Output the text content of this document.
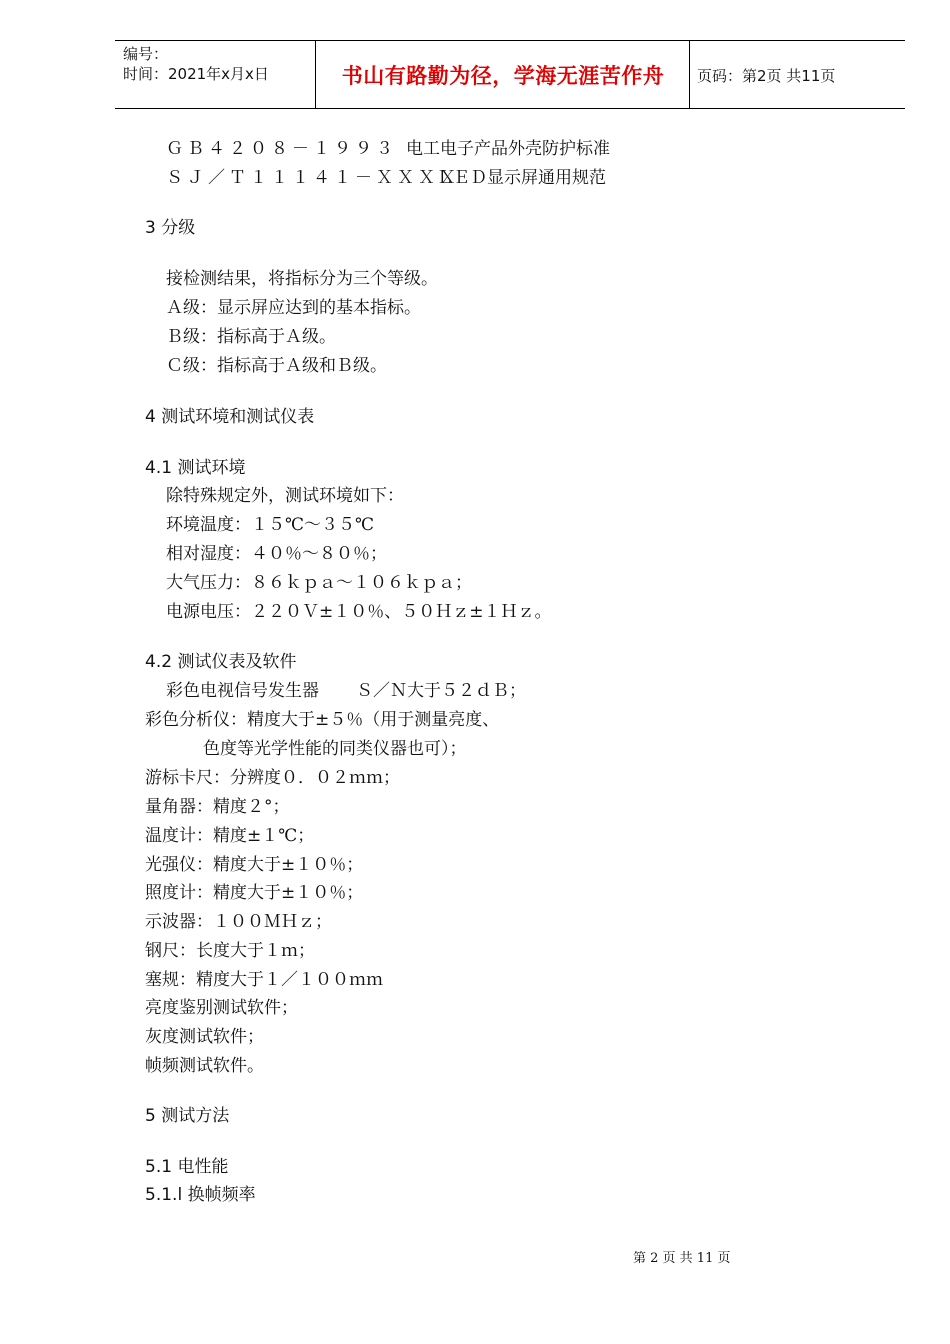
编号：
时间：2021年x月x日	书山有路勤为径，学海无涯苦作舟	页码：第2页 共11页
ＧＢ４２０８－１９９３ 电工电子产品外壳防护标准
ＳＪ／Ｔ１１１４１－ＸＸＸＸ
ＬＥＤ显示屏通用规范
3 分级
接检测结果，将指标分为三个等级。
Ａ级：显示屏应达到的基本指标。
Ｂ级：指标高于Ａ级。
Ｃ级：指标高于Ａ级和Ｂ级。
4 测试环境和测试仪表
4.1 测试环境
除特殊规定外，测试环境如下：
环境温度：１５℃～３５℃
相对湿度：４０％～８０％；
大气压力：８６ｋｐａ～１０６ｋｐａ；
电源电压：２２０Ｖ±１０％、５０Ｈｚ±１Ｈｚ。
4.2 测试仪表及软件
彩色电视信号发生器 Ｓ／Ｎ大于５２ｄＢ；
彩色分析仪：精度大于±５％（用于测量亮度、
色度等光学性能的同类仪器也可）；
游标卡尺：分辨度０．０２ｍｍ；
量角器：精度２°；
温度计：精度±１℃；
光强仪：精度大于±１０％；
照度计：精度大于±１０％；
示波器：１００ＭＨｚ；
钢尺：长度大于１ｍ；
塞规：精度大于１／１００ｍｍ
亮度鉴别测试软件；
灰度测试软件；
帧频测试软件。
5 测试方法
5.1 电性能
5.1.l 换帧频率
第 2 页 共 11 页
